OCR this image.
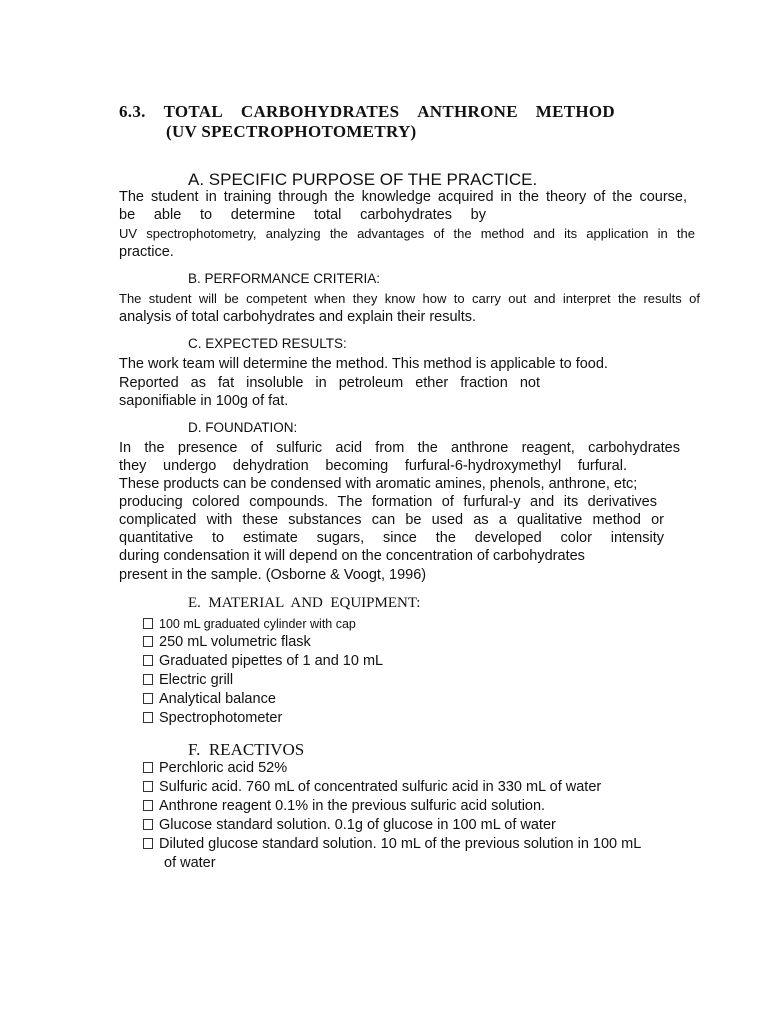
6.3. TOTAL CARBOHYDRATES ANTHRONE METHOD
(UV SPECTROPHOTOMETRY)
A. SPECIFIC PURPOSE OF THE PRACTICE.
The student in training through the knowledge acquired in the theory of the course,
be able to determine total carbohydrates by
UV spectrophotometry, analyzing the advantages of the method and its application in the
practice.
B. PERFORMANCE CRITERIA:
The student will be competent when they know how to carry out and interpret the results of
analysis of total carbohydrates and explain their results.
C. EXPECTED RESULTS:
The work team will determine the method. This method is applicable to food.
Reported as fat insoluble in petroleum ether fraction not
saponifiable in 100g of fat.
D. FOUNDATION:
In the presence of sulfuric acid from the anthrone reagent, carbohydrates
they undergo dehydration becoming furfural-6-hydroxymethyl furfural.
These products can be condensed with aromatic amines, phenols, anthrone, etc;
producing colored compounds. The formation of furfural-y and its derivatives
complicated with these substances can be used as a qualitative method or
quantitative to estimate sugars, since the developed color intensity
during condensation it will depend on the concentration of carbohydrates
present in the sample. (Osborne & Voogt, 1996)
E.  MATERIAL  AND  EQUIPMENT:
100 mL graduated cylinder with cap
250 mL volumetric flask
Graduated pipettes of 1 and 10 mL
Electric grill
Analytical balance
Spectrophotometer
F.  REACTIVOS
Perchloric acid 52%
Sulfuric acid. 760 mL of concentrated sulfuric acid in 330 mL of water
Anthrone reagent 0.1% in the previous sulfuric acid solution.
Glucose standard solution. 0.1g of glucose in 100 mL of water
Diluted glucose standard solution. 10 mL of the previous solution in 100 mL
of water
